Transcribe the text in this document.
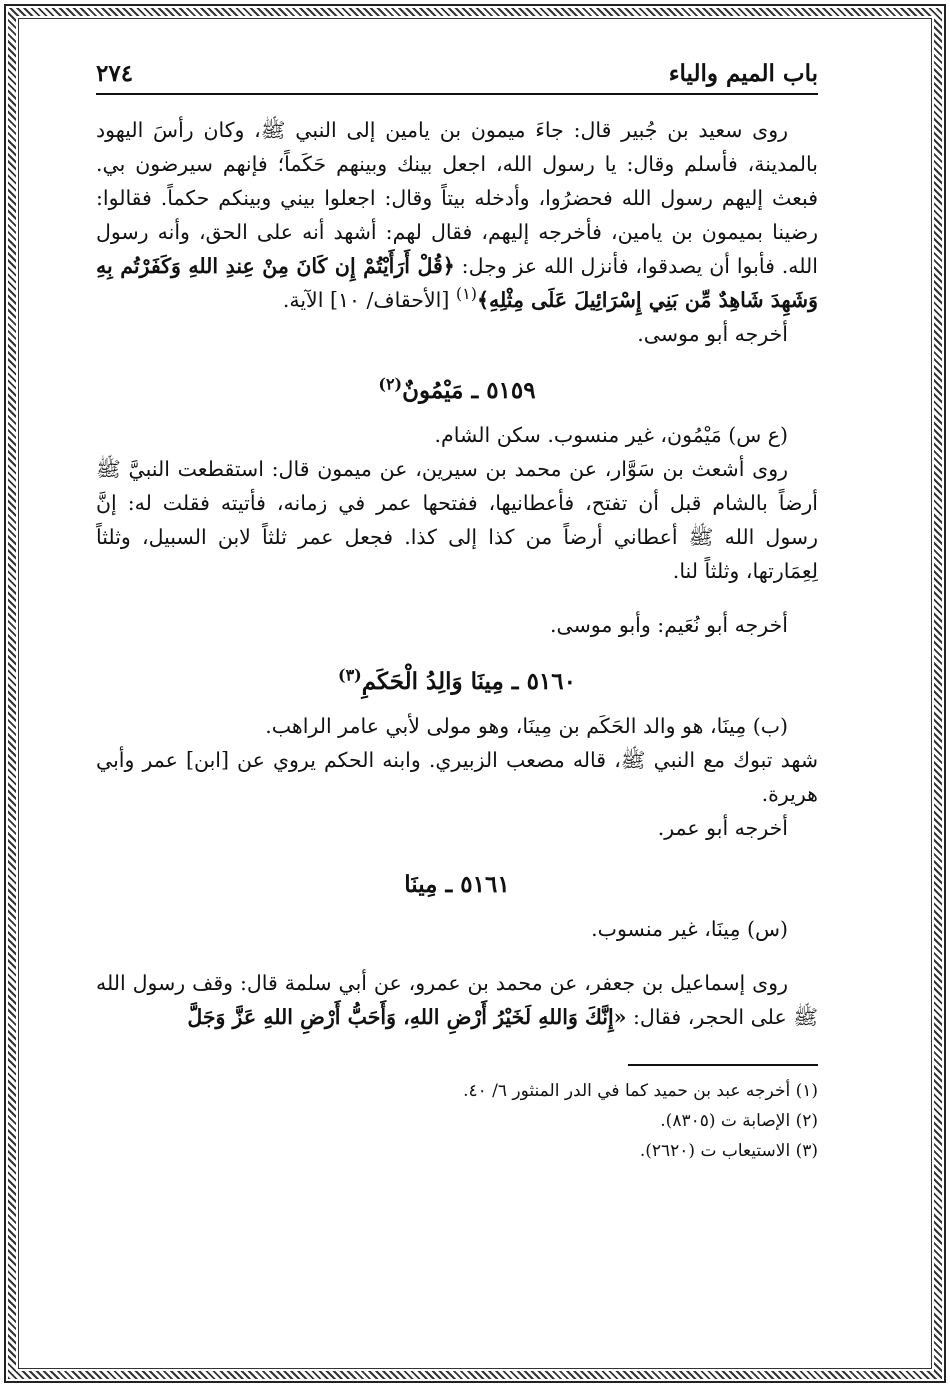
باب الميم والياء
٢٧٤

روى سعيد بن جُبير قال: جاءَ ميمون بن يامين إلى النبي ﷺ، وكان رأسَ اليهود بالمدينة، فأسلم وقال: يا رسول الله، اجعل بينك وبينهم حَكَماً؛ فإنهم سيرضون بي. فبعث إليهم رسول الله فحضرُوا، وأدخله بيتاً وقال: اجعلوا بيني وبينكم حكماً. فقالوا: رضينا بميمون بن يامين، فأخرجه إليهم، فقال لهم: أشهد أنه على الحق، وأنه رسول الله. فأبوا أن يصدقوا، فأنزل الله عز وجل: ﴿قُلْ أَرَأَيْتُمْ إِن كَانَ مِنْ عِندِ اللهِ وَكَفَرْتُم بِهِ وَشَهِدَ شَاهِدٌ مِّن بَنِي إِسْرَائِيلَ عَلَى مِثْلِهِ﴾$^{(١)}$ [الأحقاف/ ١٠] الآية.

أخرجه أبو موسى.

٥١٥٩ ـ مَيْمُونٌ$^{(٢)}$

(ع س) مَيْمُون، غير منسوب. سكن الشام.

روى أشعث بن سَوَّار، عن محمد بن سيرين، عن ميمون قال: استقطعت النبيَّ ﷺ أرضاً بالشام قبل أن تفتح، فأعطانيها، ففتحها عمر في زمانه، فأتيته فقلت له: إنَّ رسول الله ﷺ أعطاني أرضاً من كذا إلى كذا. فجعل عمر ثلثاً لابن السبيل، وثلثاً لِعِمَارتها، وثلثاً لنا.

أخرجه أبو نُعَيم: وأبو موسى.

٥١٦٠ ـ مِينَا وَالِدُ الْحَكَمِ$^{(٣)}$

(ب) مِينَا، هو والد الحَكَم بن مِينَا، وهو مولى لأبي عامر الراهب.

شهد تبوك مع النبي ﷺ، قاله مصعب الزبيري. وابنه الحكم يروي عن [ابن] عمر وأبي هريرة.

أخرجه أبو عمر.

٥١٦١ ـ مِينَا

(س) مِينَا، غير منسوب.

روى إسماعيل بن جعفر، عن محمد بن عمرو، عن أبي سلمة قال: وقف رسول الله ﷺ على الحجر، فقال: «إِنَّكَ وَاللهِ لَخَيْرُ أَرْضِ اللهِ، وَأَحَبُّ أَرْضِ اللهِ عَزَّ وَجَلَّ

(١) أخرجه عبد بن حميد كما في الدر المنثور ٦/ ٤٠.
(٢) الإصابة ت (٨٣٠٥).
(٣) الاستيعاب ت (٢٦٢٠).
